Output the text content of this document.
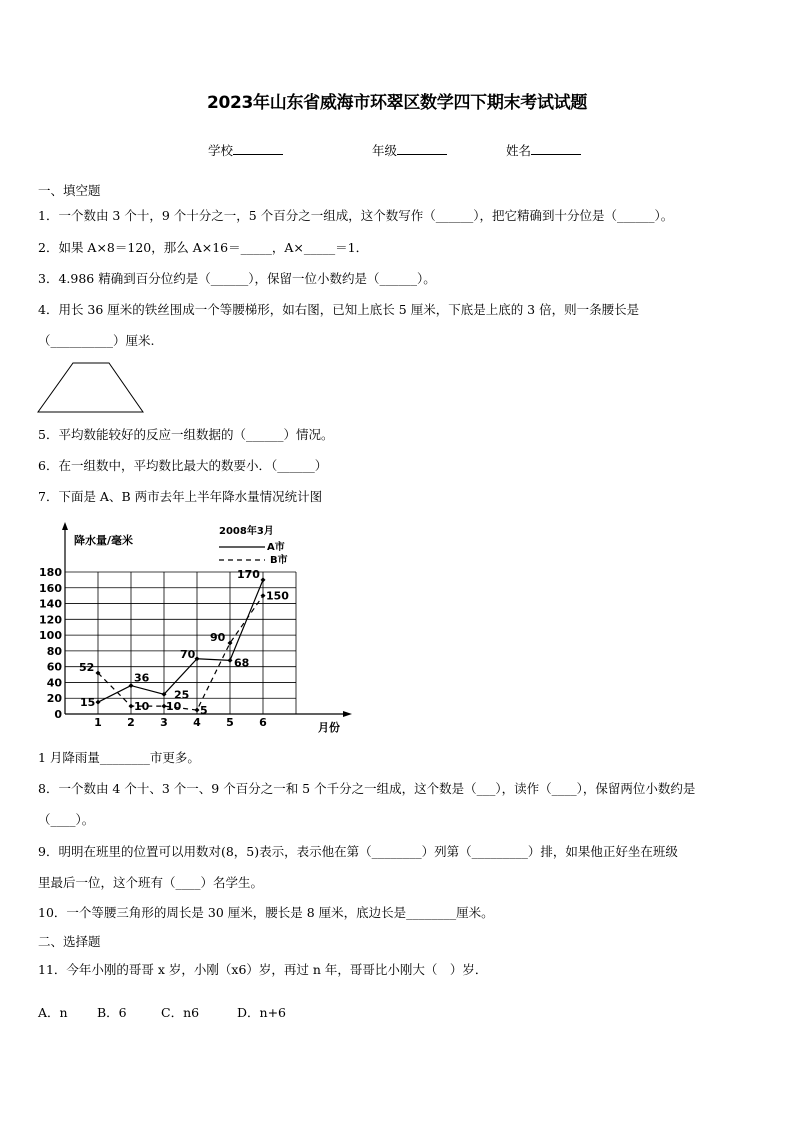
2023年山东省威海市环翠区数学四下期末考试试题
学校	年级	姓名
一、填空题
1．一个数由 3 个十，9 个十分之一，5 个百分之一组成，这个数写作（______），把它精确到十分位是（______）。
2．如果 A×8＝120，那么 A×16＝_____，A×_____＝1．
3．4.986 精确到百分位约是（______），保留一位小数约是（______）。
4．用长 36 厘米的铁丝围成一个等腰梯形，如右图，已知上底长 5 厘米，下底是上底的 3 倍，则一条腰长是
（__________）厘米.
5．平均数能较好的反应一组数据的（______）情况。
6．在一组数中，平均数比最大的数要小．（______）
7．下面是 A、B 两市去年上半年降水量情况统计图
降水量/毫米
2008年3月
A市
B市
月份
0
20
40
60
80
100
120
140
160
180
1 2 3 4 5 6
15
36
25
70
68
170
52
10 10 5
90
150
1 月降雨量________市更多。
8．一个数由 4 个十、3 个一、9 个百分之一和 5 个千分之一组成，这个数是（___），读作（____），保留两位小数约是
（____）。
9．明明在班里的位置可以用数对(8，5)表示，表示他在第（________）列第（_________）排，如果他正好坐在班级
里最后一位，这个班有（____）名学生。
10．一个等腰三角形的周长是 30 厘米，腰长是 8 厘米，底边长是________厘米。
二、选择题
11．今年小刚的哥哥 x 岁，小刚（x6）岁，再过 n 年，哥哥比小刚大（　）岁．
A．n B．6	C．n6	D．n+6
